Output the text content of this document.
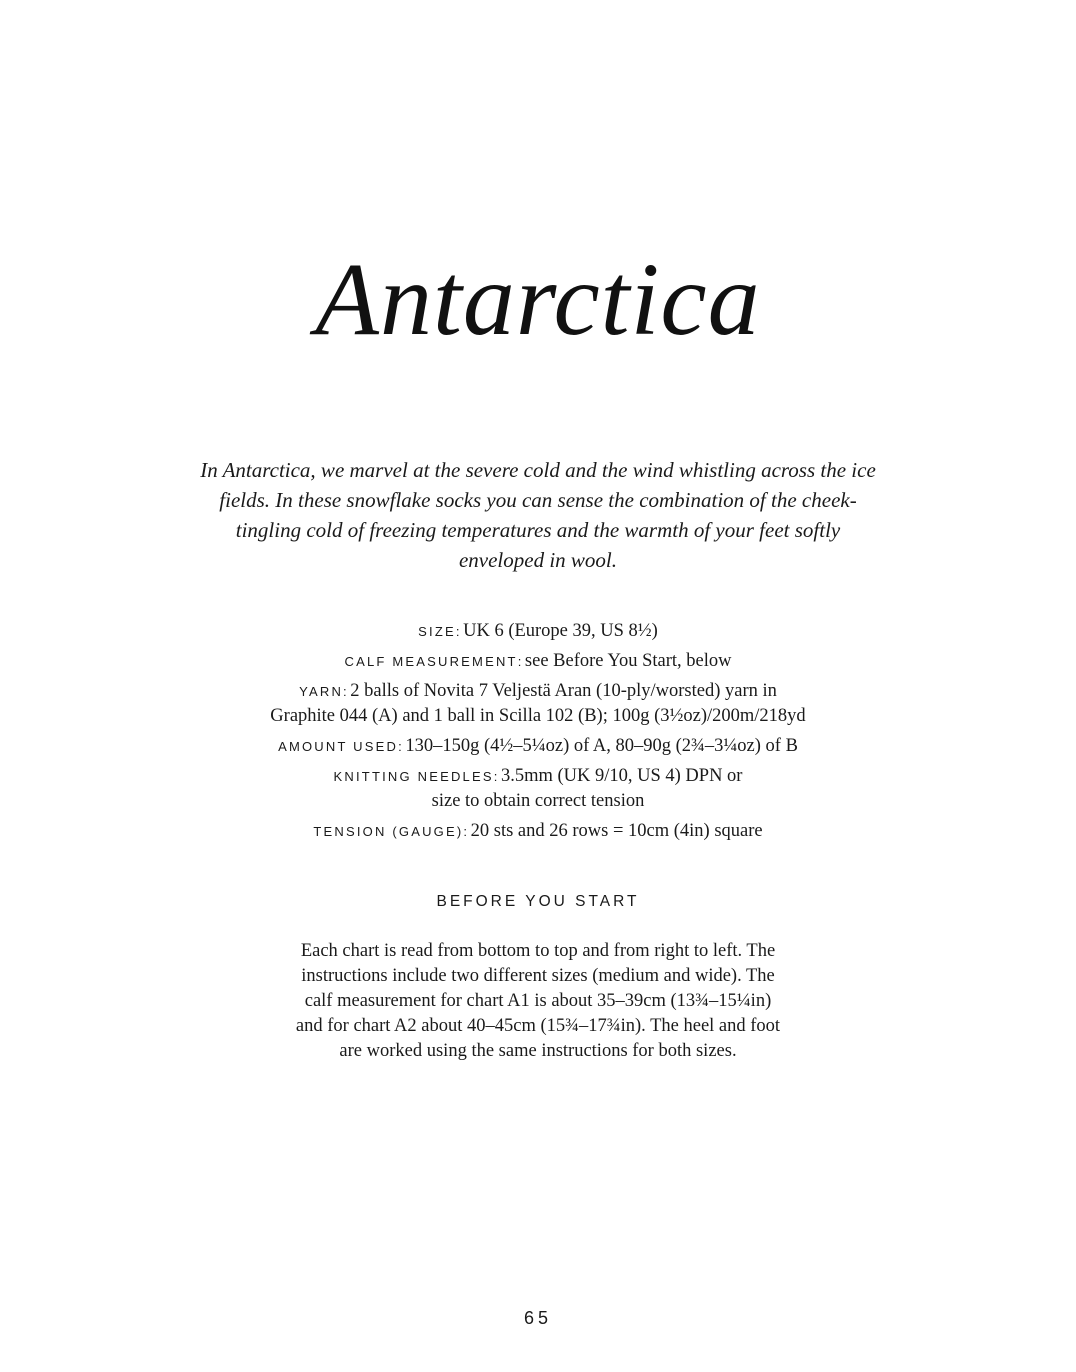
Antarctica

In Antarctica, we marvel at the severe cold and the wind whistling across the ice fields. In these snowflake socks you can sense the combination of the cheek-tingling cold of freezing temperatures and the warmth of your feet softly enveloped in wool.

SIZE: UK 6 (Europe 39, US 8½)
CALF MEASUREMENT: see Before You Start, below
YARN: 2 balls of Novita 7 Veljestä Aran (10-ply/worsted) yarn in
Graphite 044 (A) and 1 ball in Scilla 102 (B); 100g (3½oz)/200m/218yd
AMOUNT USED: 130–150g (4½–5¼oz) of A, 80–90g (2¾–3¼oz) of B
KNITTING NEEDLES: 3.5mm (UK 9/10, US 4) DPN or
size to obtain correct tension
TENSION (GAUGE): 20 sts and 26 rows = 10cm (4in) square
BEFORE YOU START

Each chart is read from bottom to top and from right to left. The
instructions include two different sizes (medium and wide). The
calf measurement for chart A1 is about 35–39cm (13¾–15¼in)
and for chart A2 about 40–45cm (15¾–17¾in). The heel and foot
are worked using the same instructions for both sizes.

65
